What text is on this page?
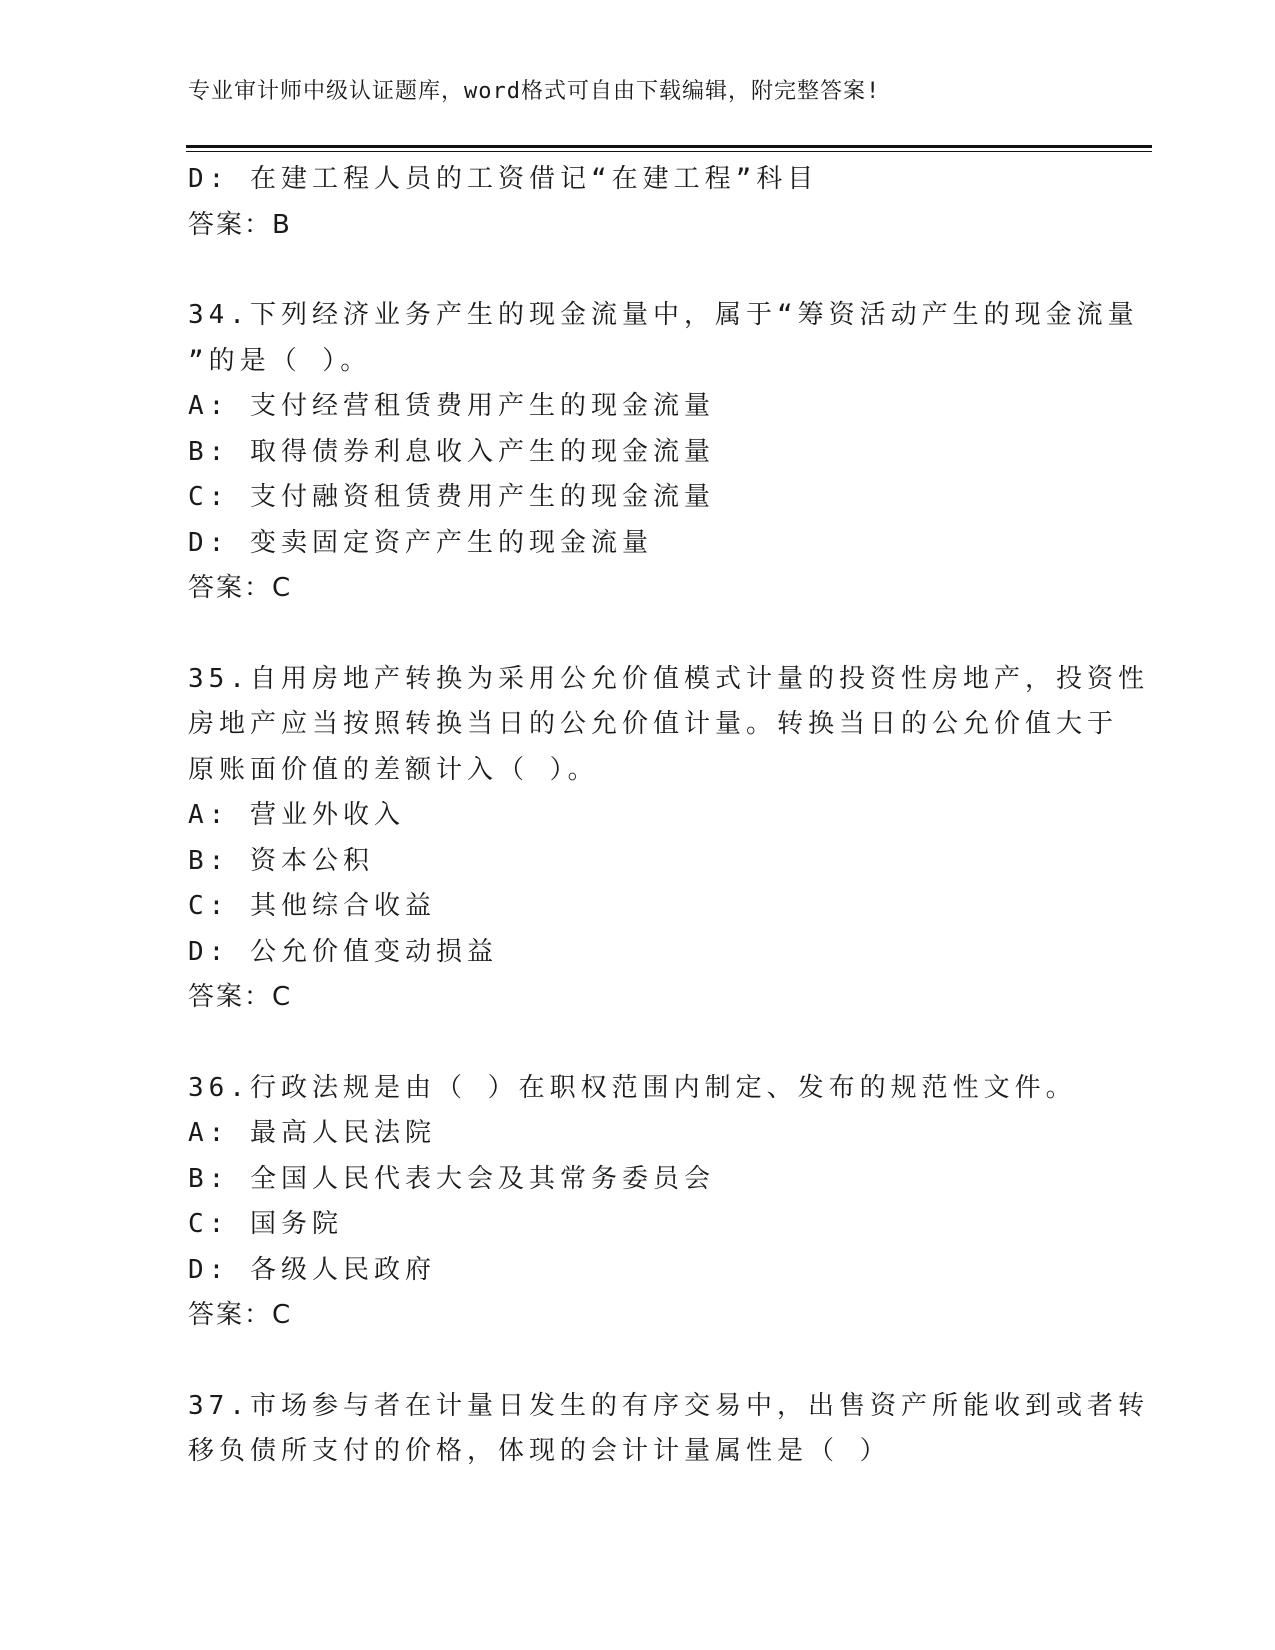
专业审计师中级认证题库，word格式可自由下载编辑，附完整答案!
D: 在建工程人员的工资借记“在建工程”科目
答案：B
34.下列经济业务产生的现金流量中，属于“筹资活动产生的现金流量
”的是（ ）。
A: 支付经营租赁费用产生的现金流量
B: 取得债券利息收入产生的现金流量
C: 支付融资租赁费用产生的现金流量
D: 变卖固定资产产生的现金流量
答案：C
35.自用房地产转换为采用公允价值模式计量的投资性房地产，投资性
房地产应当按照转换当日的公允价值计量。转换当日的公允价值大于
原账面价值的差额计入（ ）。
A: 营业外收入
B: 资本公积
C: 其他综合收益
D: 公允价值变动损益
答案：C
36.行政法规是由（ ）在职权范围内制定、发布的规范性文件。
A: 最高人民法院
B: 全国人民代表大会及其常务委员会
C: 国务院
D: 各级人民政府
答案：C
37.市场参与者在计量日发生的有序交易中，出售资产所能收到或者转
移负债所支付的价格，体现的会计计量属性是（ ）
